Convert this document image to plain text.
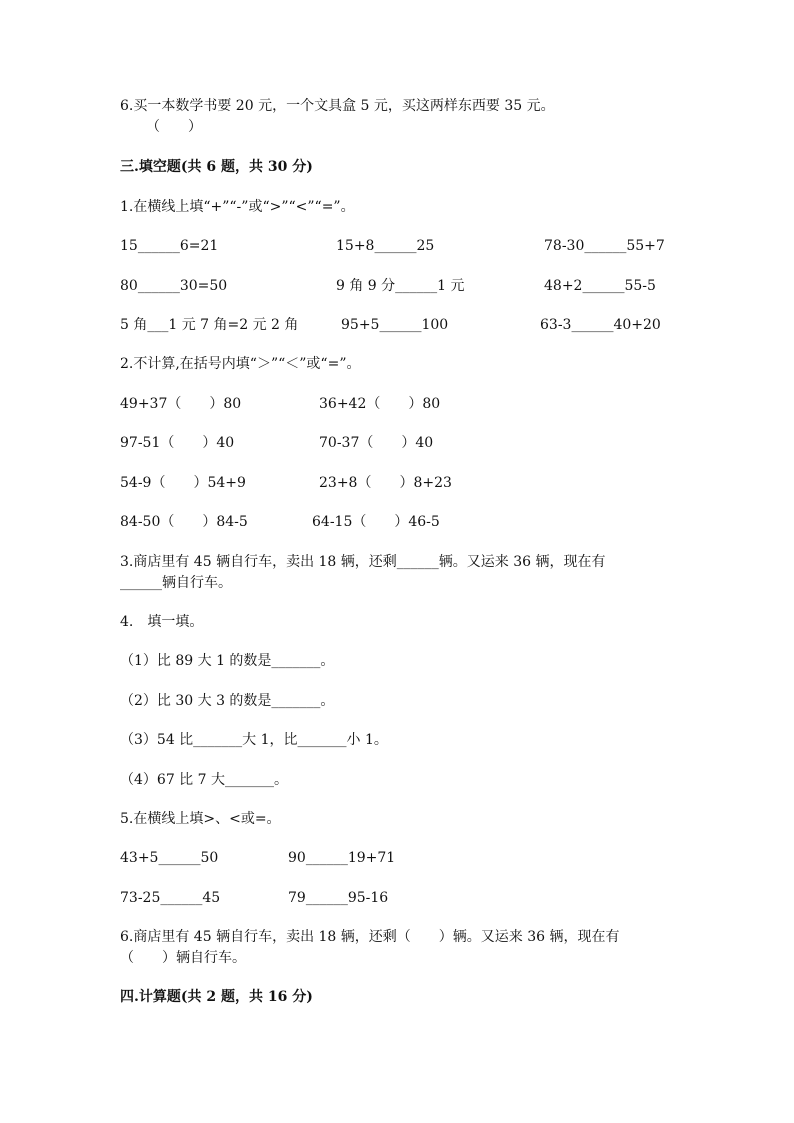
6.买一本数学书要 20 元，一个文具盒 5 元，买这两样东西要 35 元。
（　　）
三.填空题(共 6 题，共 30 分)
1.在横线上填“+”“-”或“>”“<”“=”。
15______6=21	15+8______25	78-30______55+7
80______30=50	9 角 9 分______1 元	48+2______55-5
5 角___1 元 7 角=2 元 2 角	95+5______100	63-3______40+20
2.不计算,在括号内填“＞”“＜”或“=”。
49+37（　　）80	36+42（　　）80
97-51（　　）40	70-37（　　）40
54-9（　　）54+9	23+8（　　）8+23
84-50（　　）84-5	64-15（　　）46-5
3.商店里有 45 辆自行车，卖出 18 辆，还剩______辆。又运来 36 辆，现在有
______辆自行车。
4.　填一填。
（1）比 89 大 1 的数是_______。
（2）比 30 大 3 的数是_______。
（3）54 比_______大 1，比_______小 1。
（4）67 比 7 大_______。
5.在横线上填>、<或=。
43+5______50	90______19+71
73-25______45	79______95-16
6.商店里有 45 辆自行车，卖出 18 辆，还剩（　　）辆。又运来 36 辆，现在有
（　　）辆自行车。
四.计算题(共 2 题，共 16 分)
